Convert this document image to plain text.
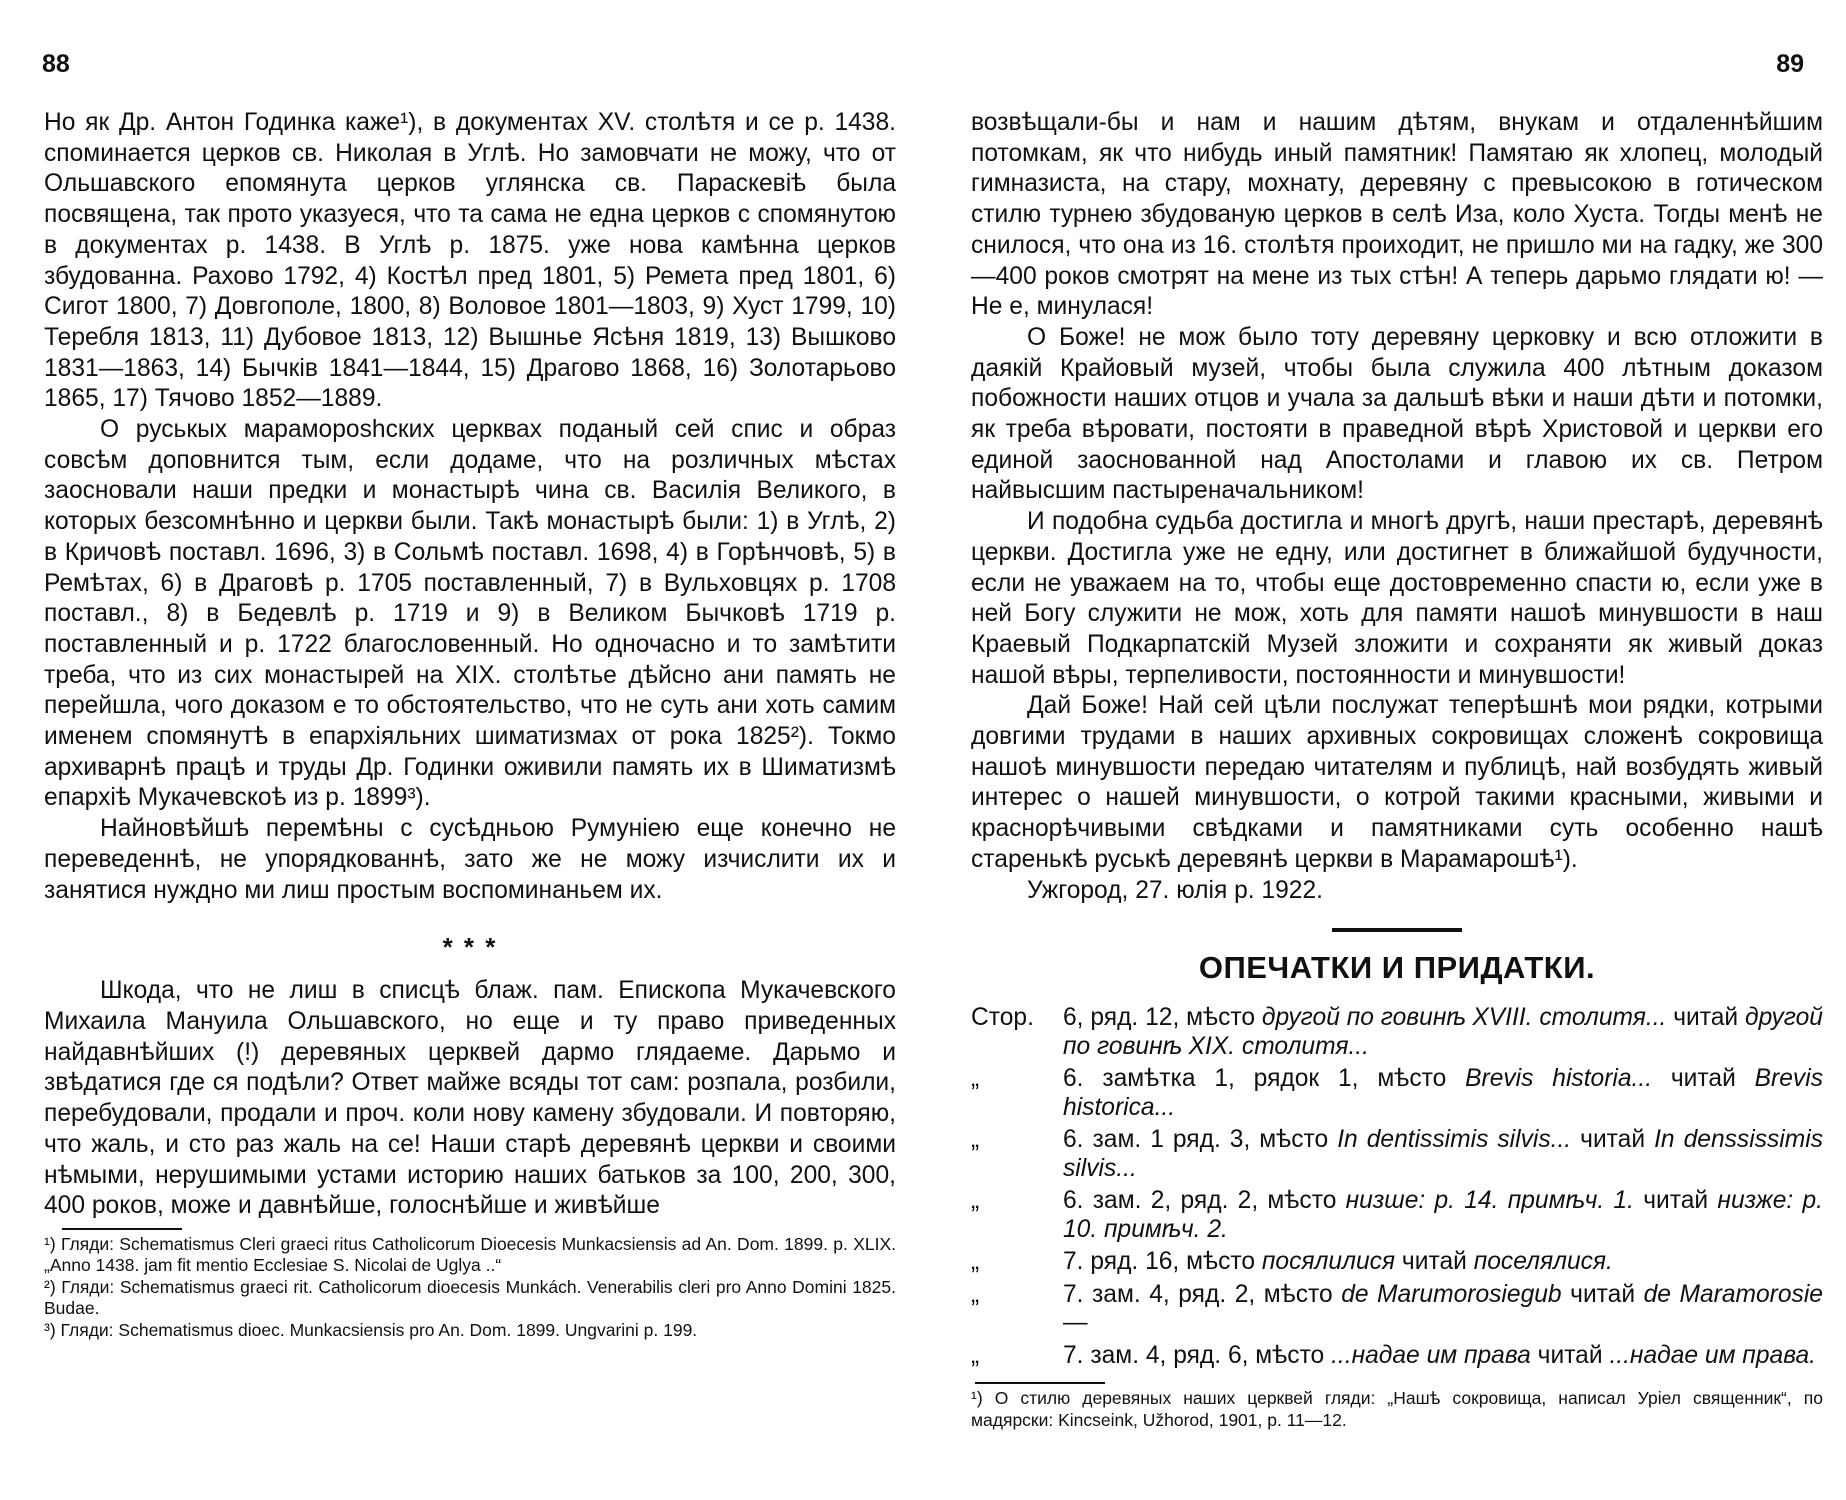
88

Но як Др. Антон Годинка каже¹), в документах XV. столѣтя и се р. 1438. споминается церков св. Николая в Углѣ. Но замовчати не можу, что от Ольшавского епомянута церков углянска св. Параскевiѣ была посвящена, так прото указуеся, что та сама не една церков с спомянутою в документах р. 1438. В Углѣ р. 1875. уже нова камѣнна церков збудованна. Рахово 1792, 4) Костѣл пред 1801, 5) Ремета пред 1801, 6) Сигот 1800, 7) Довгополе, 1800, 8) Воловое 1801—1803, 9) Хуст 1799, 10) Теребля 1813, 11) Дубовое 1813, 12) Вышнье Ясѣня 1819, 13) Вышково 1831—1863, 14) Бычкiв 1841—1844, 15) Драгово 1868, 16) Золотарьово 1865, 17) Тячово 1852—1889.

О руськых марамороshских церквах поданый сей спис и образ совсѣм доповнится тым, если додаме, что на розличных мѣстах заосновали наши предки и монастырѣ чина св. Василія Великого, в которых безсомнѣнно и церкви были. Такѣ монастырѣ были: 1) в Углѣ, 2) в Кричовѣ поставл. 1696, 3) в Сольмѣ поставл. 1698, 4) в Горѣнчовѣ, 5) в Ремѣтах, 6) в Драговѣ р. 1705 поставленный, 7) в Вульховцях р. 1708 поставл., 8) в Бедевлѣ р. 1719 и 9) в Великом Бычковѣ 1719 р. поставленный и р. 1722 благословенный. Но одночасно и то замѣтити треба, что из сих монастырей на XIX. столѣтье дѣйсно ани память не перейшла, чого доказом е то обстоятельство, что не суть ани хоть самим именем спомянутѣ в епархіяльних шиматизмах от рока 1825²). Токмо архиварнѣ працѣ и труды Др. Годинки оживили память их в Шиматизмѣ епархіѣ Мукачевскоѣ из р. 1899³).

Найновѣйшѣ перемѣны с сусѣдньою Румуніею еще конечно не переведеннѣ, не упорядкованнѣ, зато же не можу изчислити их и занятися нуждно ми лиш простым воспоминаньем их.

* * *

Шкода, что не лиш в списцѣ блаж. пам. Епископа Мукачевского Михаила Мануила Ольшавского, но еще и ту право приведенных найдавнѣйших (!) деревяных церквей дармо глядаеме. Дарьмо и звѣдатися где ся подѣли? Ответ майже всяды тот сам: розпала, розбили, перебудовали, продали и проч. коли нову камену збудовали. И повторяю, что жаль, и сто раз жаль на се! Наши старѣ деревянѣ церкви и своими нѣмыми, нерушимыми устами историю наших батьков за 100, 200, 300, 400 роков, може и давнѣйше, голоснѣйше и живѣйше

¹) Гляди: Schematismus Cleri graeci ritus Catholicorum Dioecesis Munkacsiensis ad An. Dom. 1899. p. XLIX. „Anno 1438. jam fit mentio Ecclesiae S. Nicolai de Uglya ..“

²) Гляди: Schematismus graeci rit. Catholicorum dioecesis Munkách. Venerabilis cleri pro Anno Domini 1825. Budae.

³) Гляди: Schematismus dioec. Munkacsiensis pro An. Dom. 1899. Ungvarini p. 199.

89

возвѣщали-бы и нам и нашим дѣтям, внукам и отдаленнѣйшим потомкам, як что нибудь иный памятник! Памятаю як хлопец, молодый гимназиста, на стару, мохнату, деревяну с превысокою в готическом стилю турнею збудованую церков в селѣ Иза, коло Хуста. Тогды менѣ не снилося, что она из 16. столѣтя проиходит, не пришло ми на гадку, же 300—400 роков смотрят на мене из тых стѣн! А теперь дарьмо глядати ю! — Не е, минулася!

О Боже! не мож было тоту деревяну церковку и всю отложити в даякiй Крайовый музей, чтобы была служила 400 лѣтным доказом побожности наших отцов и учала за дальшѣ вѣки и наши дѣти и потомки, як треба вѣровати, постояти в праведной вѣрѣ Христовой и церкви его единой заоснованной над Апостолами и главою их св. Петром найвысшим пастыреначальником!

И подобна судьба достигла и многѣ другѣ, наши престарѣ, деревянѣ церкви. Достигла уже не едну, или достигнет в ближайшой будучности, если не уважаем на то, чтобы еще достовременно спасти ю, если уже в ней Богу служити не мож, хоть для памяти нашоѣ минувшости в наш Краевый Подкарпатскiй Музей зложити и сохраняти як живый доказ нашой вѣры, терпеливости, постоянности и минувшости!

Дай Боже! Най сей цѣли послужат теперѣшнѣ мои рядки, котрыми довгими трудами в наших архивных сокровищах сложенѣ сокровища нашоѣ минувшости передаю читателям и публицѣ, най возбудять живый интерес о нашей минувшости, о котрой такими красными, живыми и краснорѣчивыми свѣдками и памятниками суть особенно нашѣ старенькѣ руськѣ деревянѣ церкви в Марамарошѣ¹).

Ужгород, 27. юлія р. 1922.

ОПЕЧАТКИ И ПРИДАТКИ.
Стор.	6, ряд. 12, мѣсто другой по говинѣ XVIII. столитя... читай другой по говинѣ XIX. столитя...
„	6. замѣтка 1, рядок 1, мѣсто Brevis historia... читай Brevis historica...
„	6. зам. 1 ряд. 3, мѣсто In dentissimis silvis... читай In denssissimis silvis...
„	6. зам. 2, ряд. 2, мѣсто низше: р. 14. примѣч. 1. читай низже: р. 10. примѣч. 2.
„	7. ряд. 16, мѣсто посялилися читай поселялися.
„	7. зам. 4, ряд. 2, мѣсто de Marumorosiegub читай de Maramorosie —
„	7. зам. 4, ряд. 6, мѣсто ...надае им права читай ...надае им права.

¹) О стилю деревяных наших церквей гляди: „Нашѣ сокровища, написал Урiел священник“, по мадярски: Kincseink, Užhorod, 1901, p. 11—12.
